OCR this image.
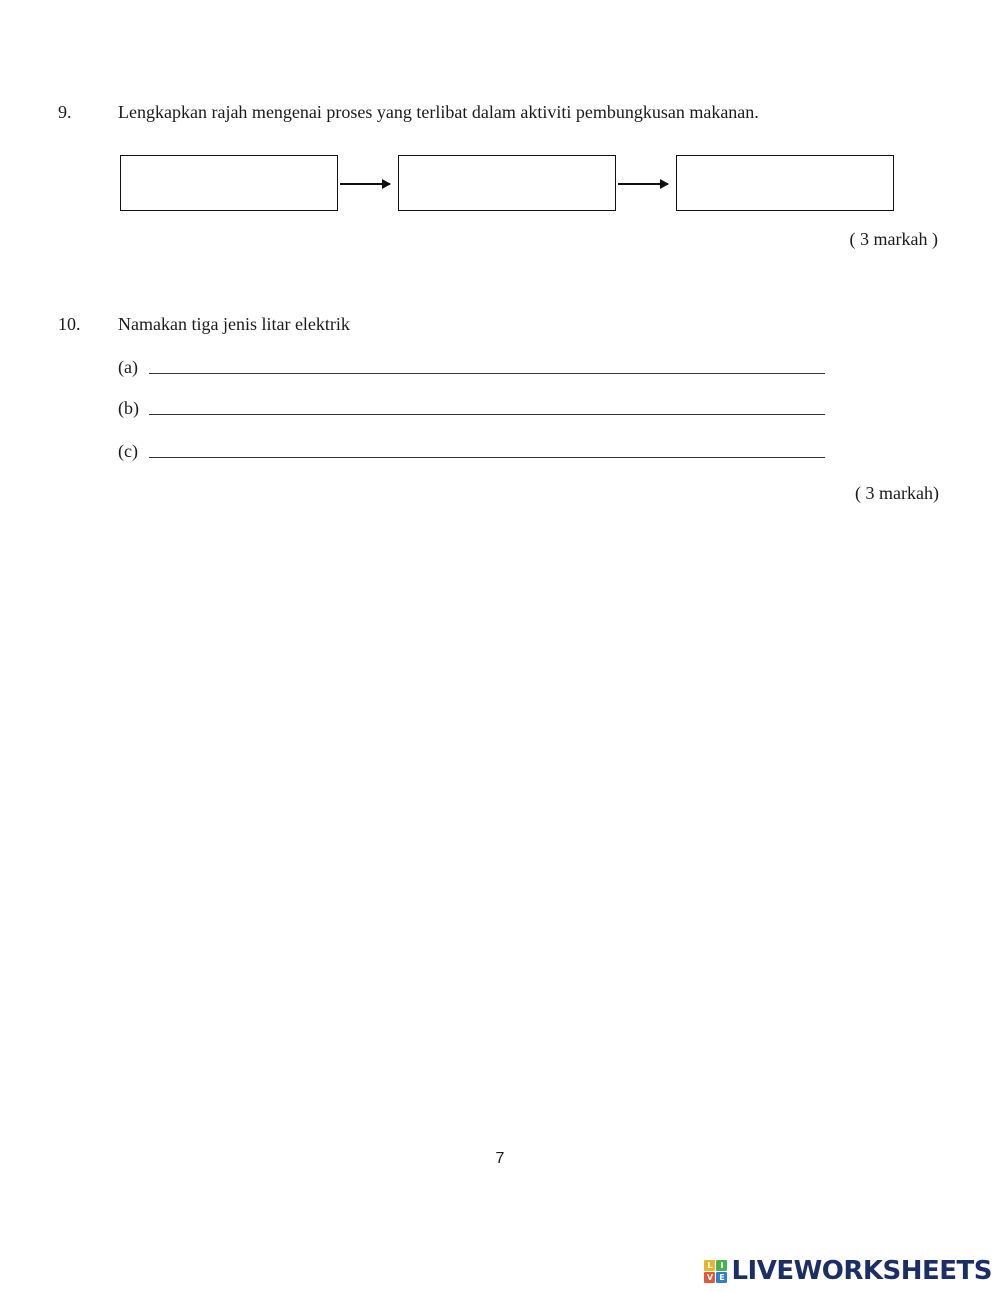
9.	Lengkapkan rajah mengenai proses yang terlibat dalam aktiviti pembungkusan makanan.
( 3 markah )
10. Namakan tiga jenis litar elektrik
(a)
(b)
(c)
( 3 markah)
7
L I
V E LIVEWORKSHEETS
